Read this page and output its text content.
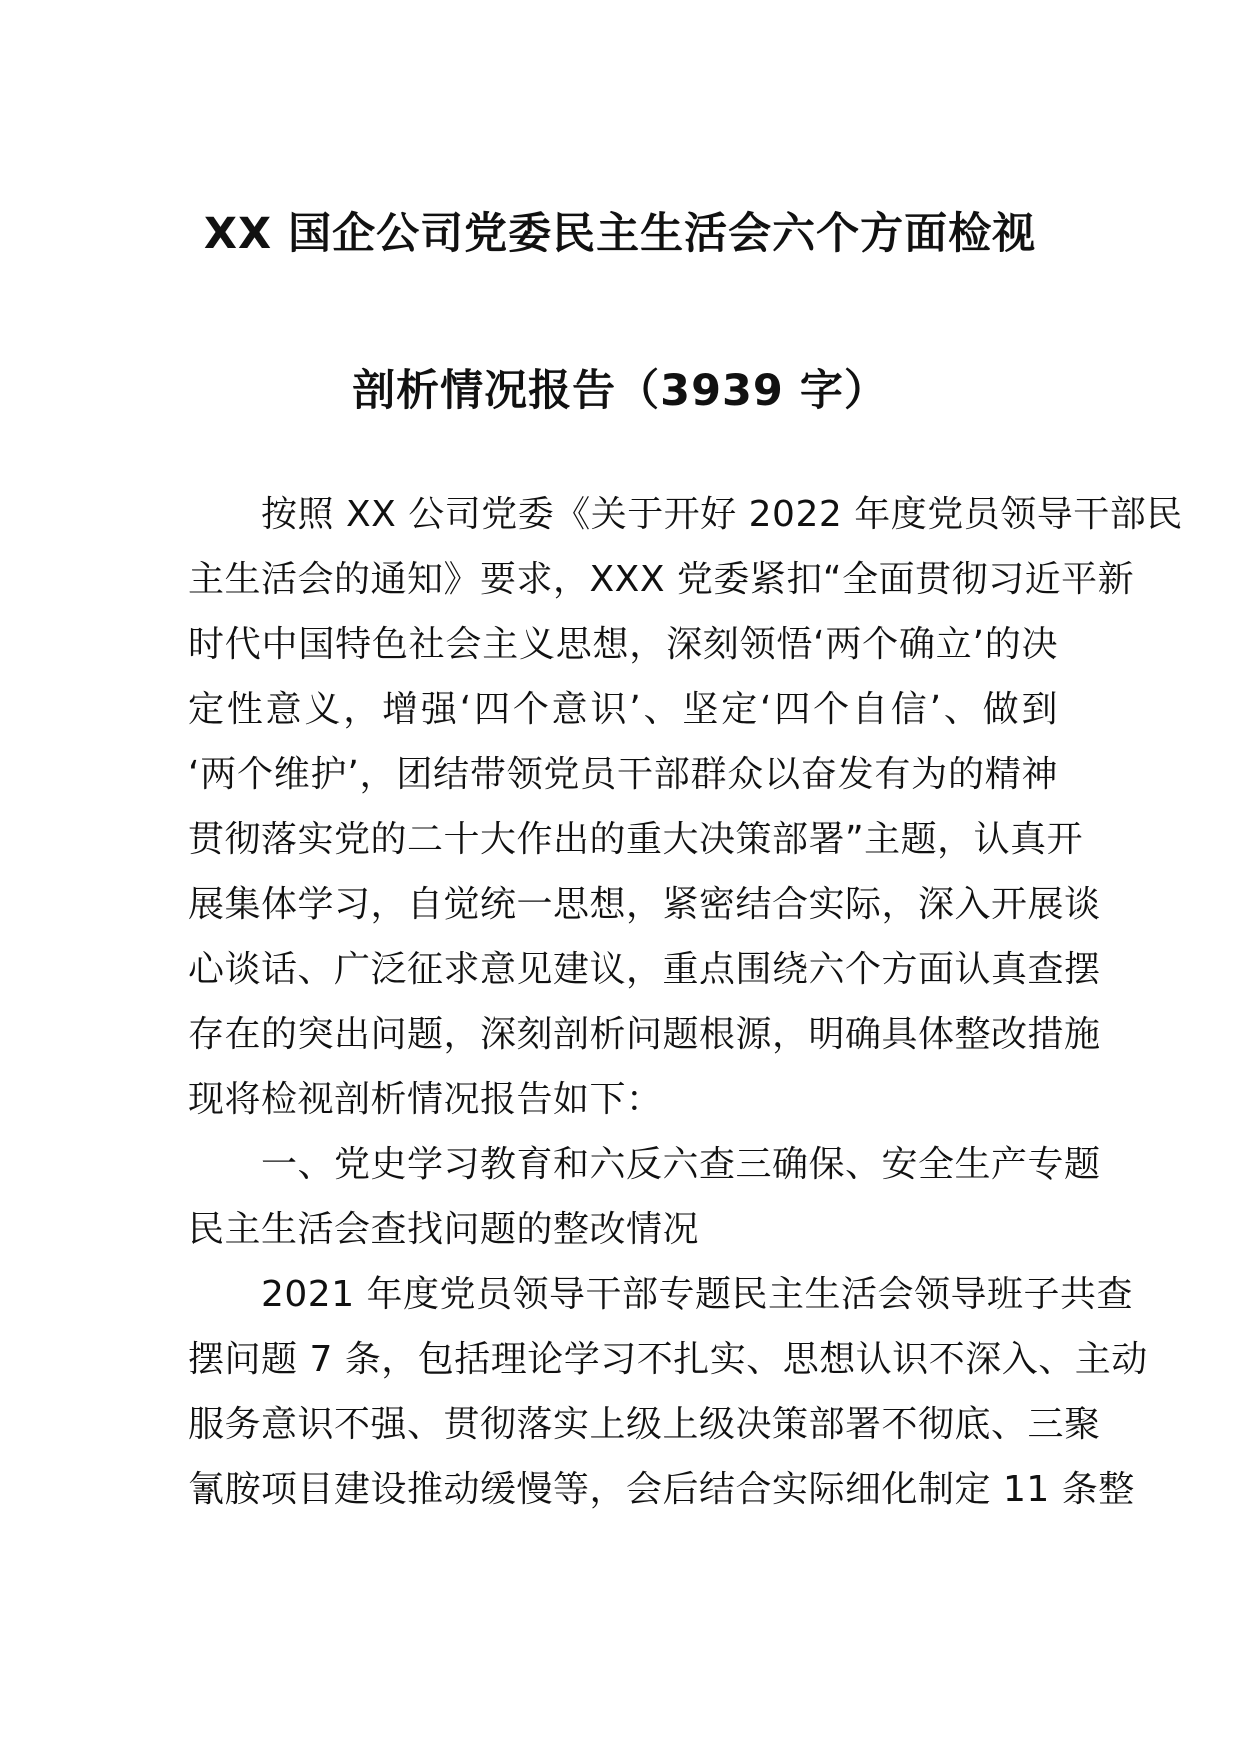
XX 国企公司党委民主生活会六个方面检视
剖析情况报告（3939 字）
　　按照 XX 公司党委《关于开好 2022 年度党员领导干部民
主生活会的通知》要求，XXX 党委紧扣“全面贯彻习近平新
时代中国特色社会主义思想，深刻领悟‘两个确立’的决
定性意义，增强‘四个意识’、坚定‘四个自信’、做到
‘两个维护’，团结带领党员干部群众以奋发有为的精神
贯彻落实党的二十大作出的重大决策部署”主题，认真开
展集体学习，自觉统一思想，紧密结合实际，深入开展谈
心谈话、广泛征求意见建议，重点围绕六个方面认真查摆
存在的突出问题，深刻剖析问题根源，明确具体整改措施
现将检视剖析情况报告如下：
　　一、党史学习教育和六反六查三确保、安全生产专题
民主生活会查找问题的整改情况
　　2021 年度党员领导干部专题民主生活会领导班子共查
摆问题 7 条，包括理论学习不扎实、思想认识不深入、主动
服务意识不强、贯彻落实上级上级决策部署不彻底、三聚
氰胺项目建设推动缓慢等，会后结合实际细化制定 11 条整
